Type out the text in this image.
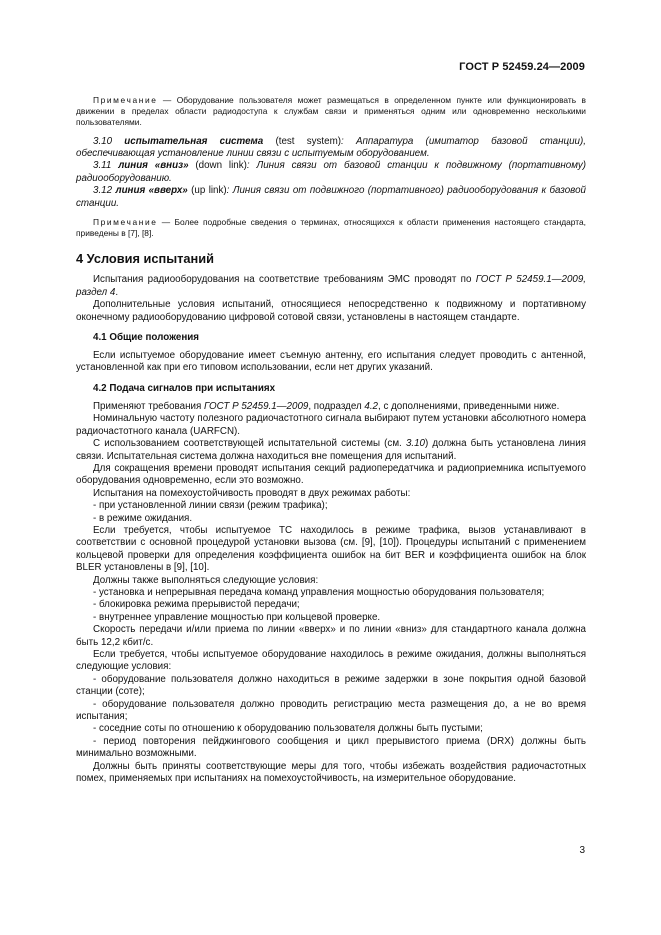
ГОСТ Р 52459.24—2009

Примечание — Оборудование пользователя может размещаться в определенном пункте или функционировать в движении в пределах области радиодоступа к службам связи и применяться одним или одновременно несколькими пользователями.

3.10 испытательная система (test system): Аппаратура (имитатор базовой станции), обеспечивающая установление линии связи с испытуемым оборудованием.

3.11 линия «вниз» (down link): Линия связи от базовой станции к подвижному (портативному) радиооборудованию.

3.12 линия «вверх» (up link): Линия связи от подвижного (портативного) радиооборудования к базовой станции.

Примечание — Более подробные сведения о терминах, относящихся к области применения настоящего стандарта, приведены в [7], [8].

4 Условия испытаний

Испытания радиооборудования на соответствие требованиям ЭМС проводят по ГОСТ Р 52459.1—2009, раздел 4.

Дополнительные условия испытаний, относящиеся непосредственно к подвижному и портативному оконечному радиооборудованию цифровой сотовой связи, установлены в настоящем стандарте.

4.1 Общие положения

Если испытуемое оборудование имеет съемную антенну, его испытания следует проводить с антенной, установленной как при его типовом использовании, если нет других указаний.

4.2 Подача сигналов при испытаниях

Применяют требования ГОСТ Р 52459.1—2009, подраздел 4.2, с дополнениями, приведенными ниже.

Номинальную частоту полезного радиочастотного сигнала выбирают путем установки абсолютного номера радиочастотного канала (UARFCN).

С использованием соответствующей испытательной системы (см. 3.10) должна быть установлена линия связи. Испытательная система должна находиться вне помещения для испытаний.

Для сокращения времени проводят испытания секций радиопередатчика и радиоприемника испытуемого оборудования одновременно, если это возможно.

Испытания на помехоустойчивость проводят в двух режимах работы:

- при установленной линии связи (режим трафика);

- в режиме ожидания.

Если требуется, чтобы испытуемое ТС находилось в режиме трафика, вызов устанавливают в соответствии с основной процедурой установки вызова (см. [9], [10]). Процедуры испытаний с применением кольцевой проверки для определения коэффициента ошибок на бит BER и коэффициента ошибок на блок BLER установлены в [9], [10].

Должны также выполняться следующие условия:

- установка и непрерывная передача команд управления мощностью оборудования пользователя;

- блокировка режима прерывистой передачи;

- внутреннее управление мощностью при кольцевой проверке.

Скорость передачи и/или приема по линии «вверх» и по линии «вниз» для стандартного канала должна быть 12,2 кбит/с.

Если требуется, чтобы испытуемое оборудование находилось в режиме ожидания, должны выполняться следующие условия:

- оборудование пользователя должно находиться в режиме задержки в зоне покрытия одной базовой станции (соте);

- оборудование пользователя должно проводить регистрацию места размещения до, а не во время испытания;

- соседние соты по отношению к оборудованию пользователя должны быть пустыми;

- период повторения пейджингового сообщения и цикл прерывистого приема (DRX) должны быть минимально возможными.

Должны быть приняты соответствующие меры для того, чтобы избежать воздействия радиочастотных помех, применяемых при испытаниях на помехоустойчивость, на измерительное оборудование.

3
